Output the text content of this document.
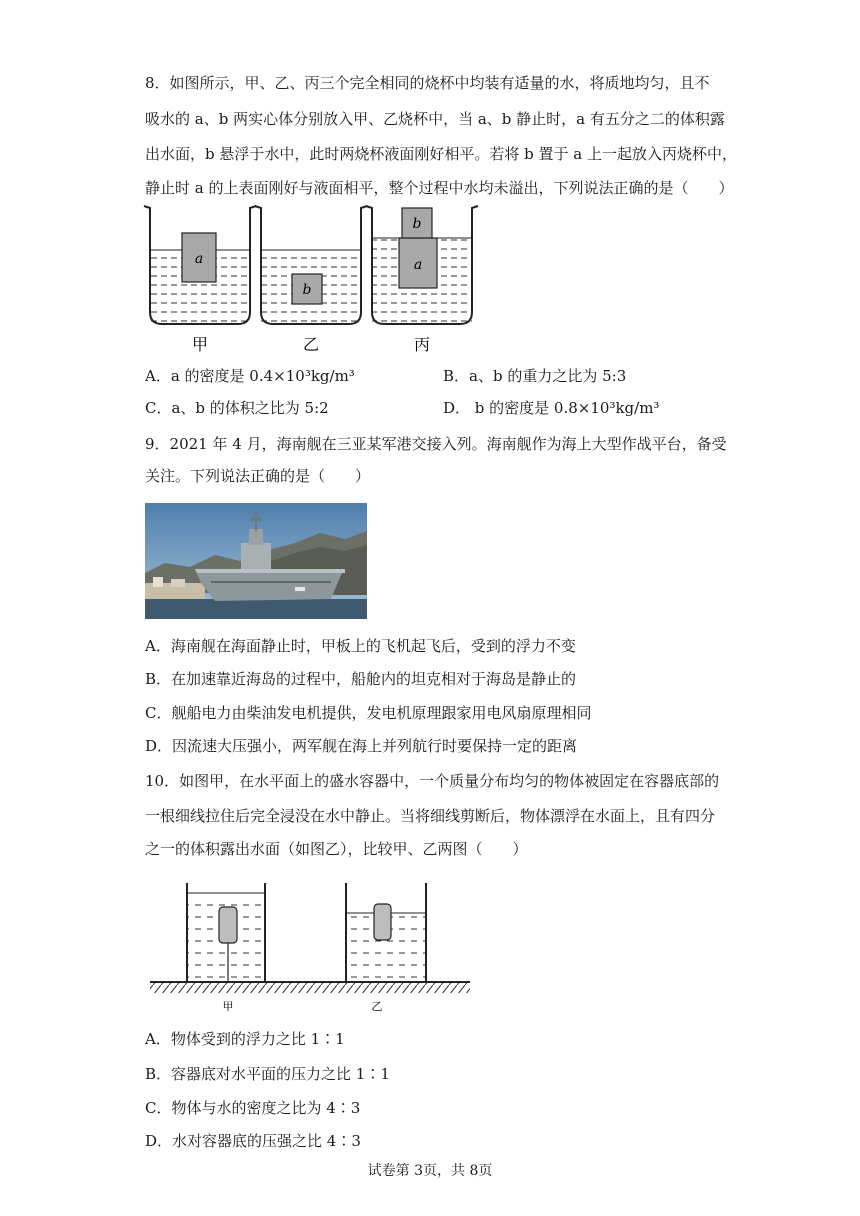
8．如图所示，甲、乙、丙三个完全相同的烧杯中均装有适量的水，将质地均匀，且不
吸水的 a、b 两实心体分别放入甲、乙烧杯中，当 a、b 静止时，a 有五分之二的体积露
出水面，b 悬浮于水中，此时两烧杯液面刚好相平。若将 b 置于 a 上一起放入丙烧杯中，
静止时 a 的上表面刚好与液面相平，整个过程中水均未溢出，下列说法正确的是（　　）
a
b
b
a
甲	乙	丙
A．a 的密度是 0.4×10³kg/m³	B．a、b 的重力之比为 5:3
C．a、b 的体积之比为 5:2	D． b 的密度是 0.8×10³kg/m³
9．2021 年 4 月，海南舰在三亚某军港交接入列。海南舰作为海上大型作战平台，备受
关注。下列说法正确的是（　　）
A．海南舰在海面静止时，甲板上的飞机起飞后，受到的浮力不变
B．在加速靠近海岛的过程中，船舱内的坦克相对于海岛是静止的
C．舰船电力由柴油发电机提供，发电机原理跟家用电风扇原理相同
D．因流速大压强小，两军舰在海上并列航行时要保持一定的距离
10．如图甲，在水平面上的盛水容器中，一个质量分布均匀的物体被固定在容器底部的
一根细线拉住后完全浸没在水中静止。当将细线剪断后，物体漂浮在水面上，且有四分
之一的体积露出水面（如图乙），比较甲、乙两图（　　）
甲	乙
A．物体受到的浮力之比 1∶1
B．容器底对水平面的压力之比 1∶1
C．物体与水的密度之比为 4∶3
D．水对容器底的压强之比 4∶3
试卷第 3页，共 8页
